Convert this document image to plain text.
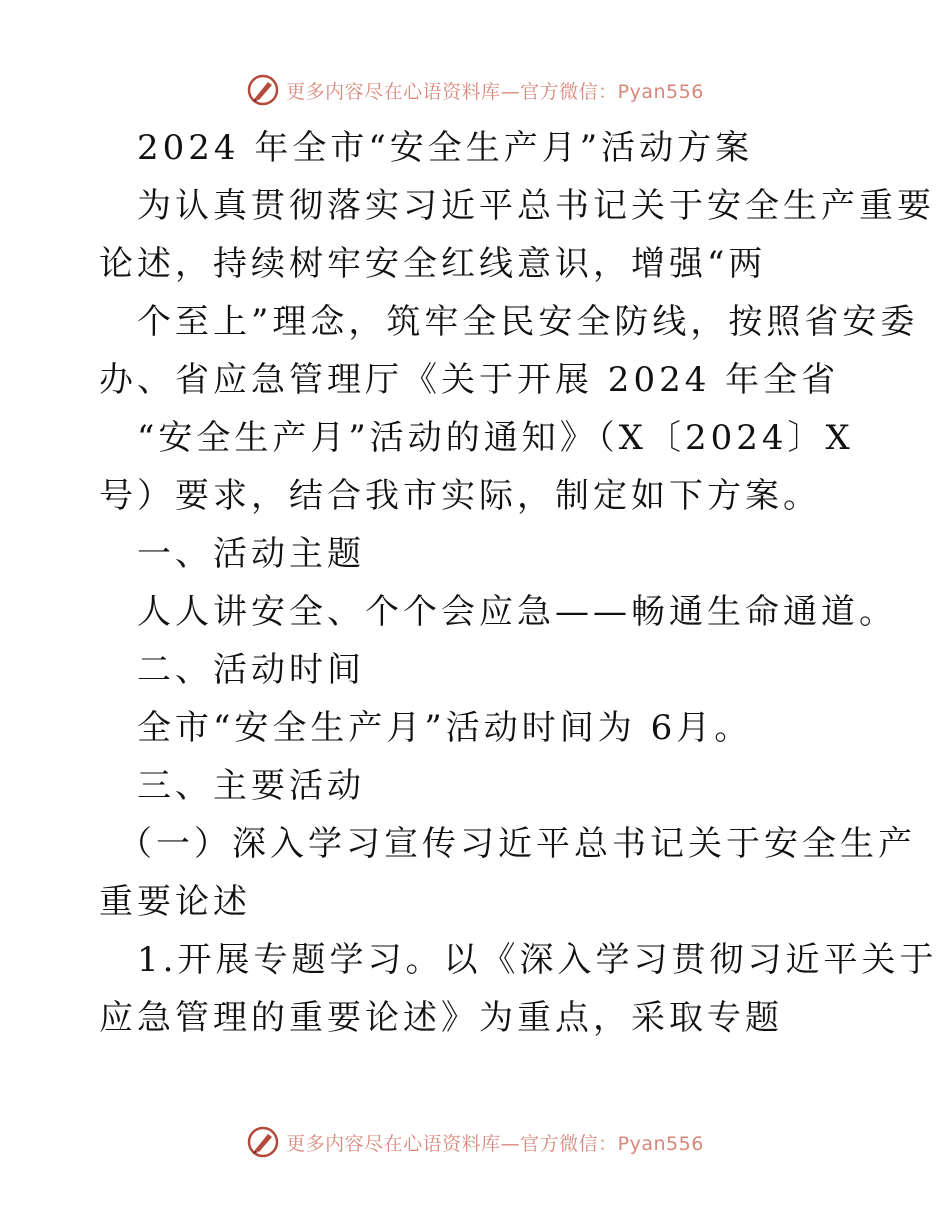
更多内容尽在心语资料库—官方微信：Pyan556
2024 年全市“安全生产月”活动方案
为认真贯彻落实习近平总书记关于安全生产重要
论述，持续树牢安全红线意识，增强“两
个至上”理念，筑牢全民安全防线，按照省安委
办、省应急管理厅《关于开展 2024 年全省
“安全生产月”活动的通知》（X〔2024〕X
号）要求，结合我市实际，制定如下方案。
一、活动主题
人人讲安全、个个会应急——畅通生命通道。
二、活动时间
全市“安全生产月”活动时间为 6月。
三、主要活动
（一）深入学习宣传习近平总书记关于安全生产
重要论述
1.开展专题学习。以《深入学习贯彻习近平关于
应急管理的重要论述》为重点，采取专题
更多内容尽在心语资料库—官方微信：Pyan556
